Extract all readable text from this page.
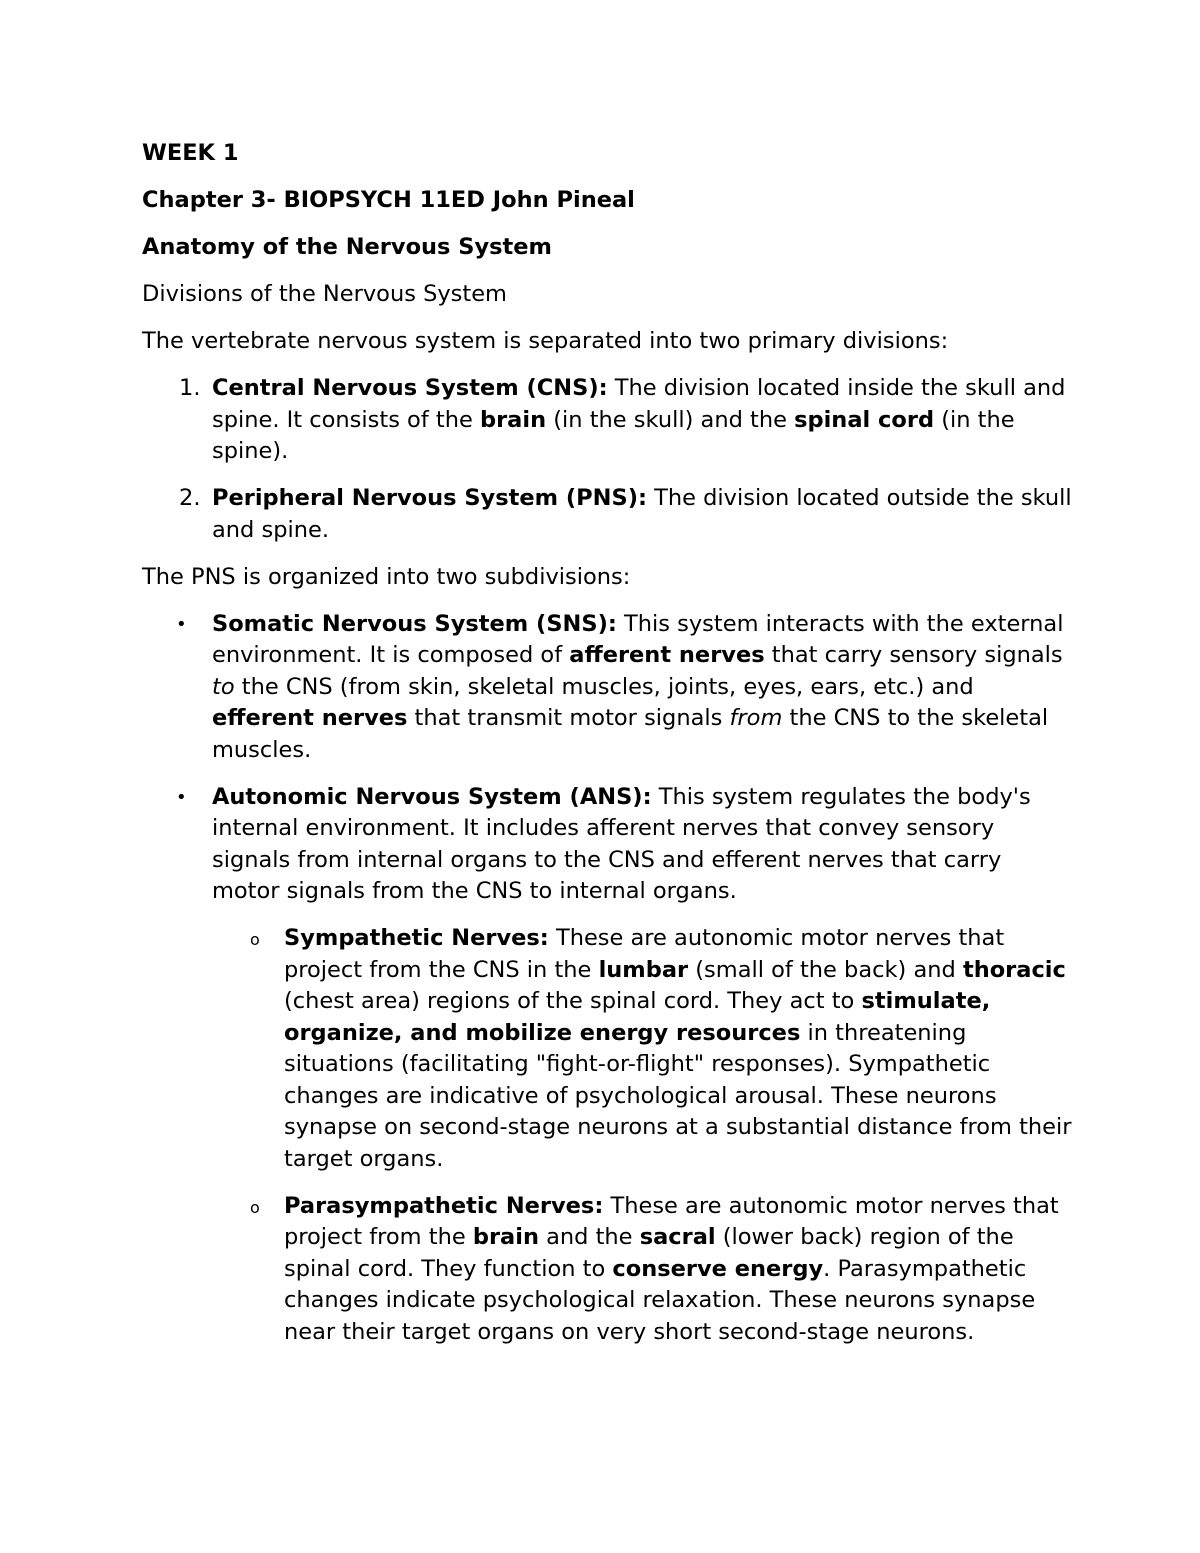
WEEK 1

Chapter 3- BIOPSYCH 11ED John Pineal

Anatomy of the Nervous System

Divisions of the Nervous System

The vertebrate nervous system is separated into two primary divisions:

1. Central Nervous System (CNS): The division located inside the skull and spine. It consists of the brain (in the skull) and the spinal cord (in the spine).
2. Peripheral Nervous System (PNS): The division located outside the skull and spine.

The PNS is organized into two subdivisions:

• Somatic Nervous System (SNS): This system interacts with the external environment. It is composed of afferent nerves that carry sensory signals to the CNS (from skin, skeletal muscles, joints, eyes, ears, etc.) and efferent nerves that transmit motor signals from the CNS to the skeletal muscles.
• Autonomic Nervous System (ANS): This system regulates the body's internal environment. It includes afferent nerves that convey sensory signals from internal organs to the CNS and efferent nerves that carry motor signals from the CNS to internal organs.
o Sympathetic Nerves: These are autonomic motor nerves that project from the CNS in the lumbar (small of the back) and thoracic (chest area) regions of the spinal cord. They act to stimulate, organize, and mobilize energy resources in threatening situations (facilitating "fight-or-flight" responses). Sympathetic changes are indicative of psychological arousal. These neurons synapse on second-stage neurons at a substantial distance from their target organs.
o Parasympathetic Nerves: These are autonomic motor nerves that project from the brain and the sacral (lower back) region of the spinal cord. They function to conserve energy. Parasympathetic changes indicate psychological relaxation. These neurons synapse near their target organs on very short second-stage neurons.
